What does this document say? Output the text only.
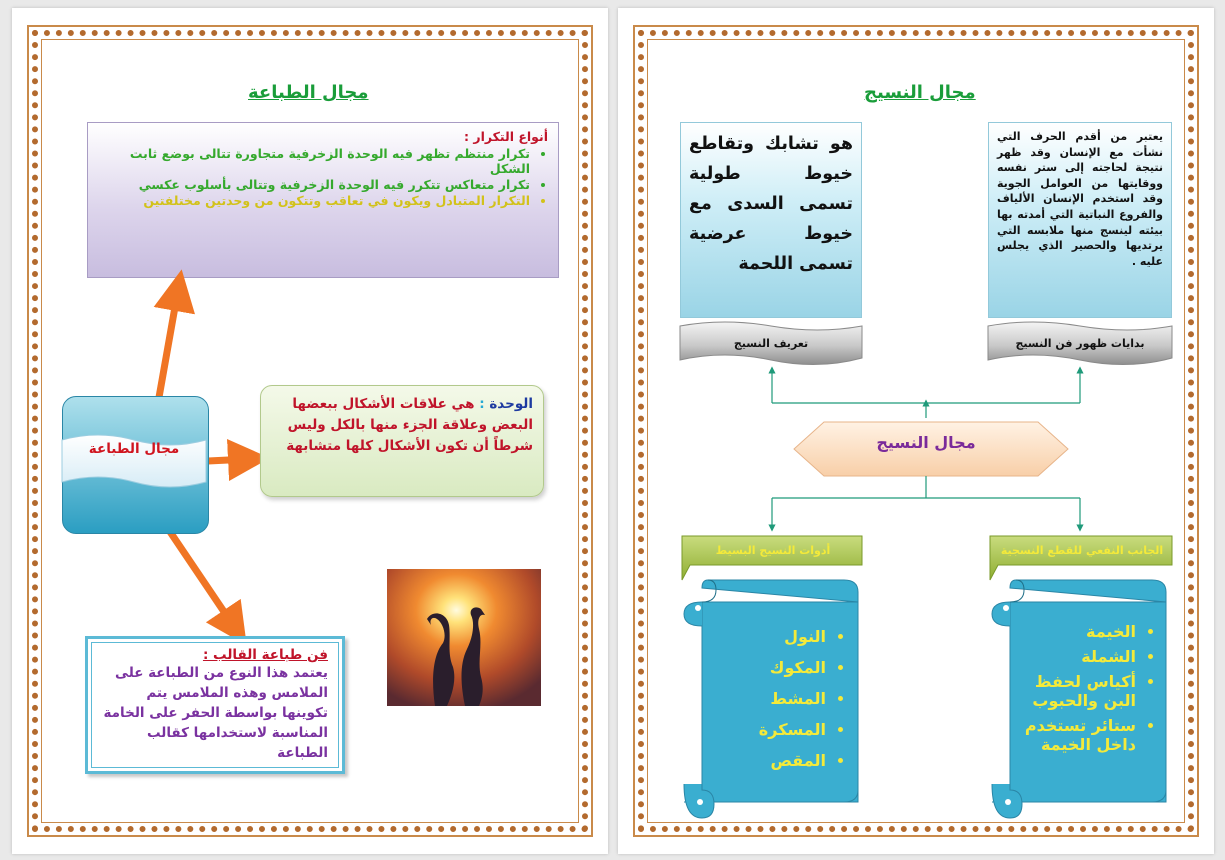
مجال الطباعة
أنواع التكرار :
• تكرار منتظم تظهر فيه الوحدة الزخرفية متجاورة تتالى بوضع ثابت الشكل
• تكرار متعاكس تتكرر فيه الوحدة الزخرفية وتتالى بأسلوب عكسي
• التكرار المتبادل ويكون في تعاقب وتتكون من وحدتين مختلفتين
الوحدة : هي علاقات الأشكال ببعضها البعض وعلاقة الجزء منها بالكل وليس شرطاً أن تكون الأشكال كلها متشابهة
مجال الطباعة
فن طباعة القالب :
يعتمد هذا النوع من الطباعة على الملامس وهذه الملامس يتم تكوينها بواسطة الحفر على الخامة المناسبة لاستخدامها كقالب الطباعة
مجال النسيج
هو تشابك وتقاطع خيوط طولية تسمى السدى مع خيوط عرضية تسمى اللحمة
يعتبر من أقدم الحرف التي نشأت مع الإنسان وقد ظهر نتيجة لحاجته إلى ستر نفسه ووقايتها من العوامل الجوية وقد استخدم الإنسان الألياف والفروع النباتية التي أمدته بها بيئته لينسج منها ملابسه التي يرتديها والحصير الذي يجلس عليه .
تعريف النسيج	بدايات ظهور فن النسيج
مجال النسيج
أدوات النسيج البسيط	الجانب النفعي للقطع النسجية
• النول
• المكوك
• المشط
• المسكرة
• المقص
• الخيمة
• الشملة
• أكياس لحفظ البن والحبوب
• ستائر تستخدم داخل الخيمة
